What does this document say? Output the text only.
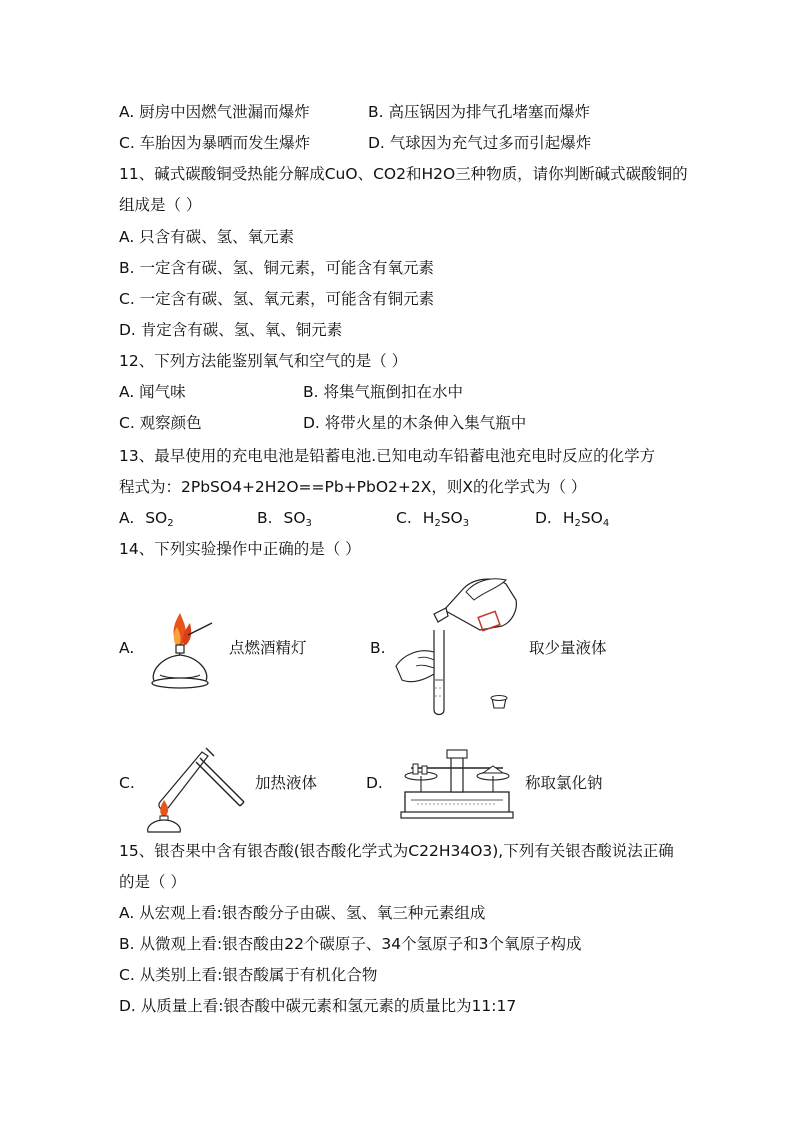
A. 厨房中因燃气泄漏而爆炸	B. 高压锅因为排气孔堵塞而爆炸
C. 车胎因为暴晒而发生爆炸	D. 气球因为充气过多而引起爆炸
11、碱式碳酸铜受热能分解成CuO、CO2和H2O三种物质，请你判断碱式碳酸铜的
组成是（ ）
A. 只含有碳、氢、氧元素
B. 一定含有碳、氢、铜元素，可能含有氧元素
C. 一定含有碳、氢、氧元素，可能含有铜元素
D. 肯定含有碳、氢、氧、铜元素
12、下列方法能鉴别氧气和空气的是（ ）
A. 闻气味	B. 将集气瓶倒扣在水中
C. 观察颜色	D. 将带火星的木条伸入集气瓶中
13、最早使用的充电电池是铅蓄电池.已知电动车铅蓄电池充电时反应的化学方
程式为：2PbSO4+2H2O==Pb+PbO2+2X，则X的化学式为（ ）
A. $SO_2$	B. $SO_3$	C. $H_2SO_3$	D. $H_2SO_4$
14、下列实验操作中正确的是（ ）
A.	点燃酒精灯	B.	取少量液体
C.	加热液体	D.	称取氯化钠
15、银杏果中含有银杏酸(银杏酸化学式为C22H34O3),下列有关银杏酸说法正确
的是（ ）
A. 从宏观上看:银杏酸分子由碳、氢、氧三种元素组成
B. 从微观上看:银杏酸由22个碳原子、34个氢原子和3个氧原子构成
C. 从类别上看:银杏酸属于有机化合物
D. 从质量上看:银杏酸中碳元素和氢元素的质量比为11:17
